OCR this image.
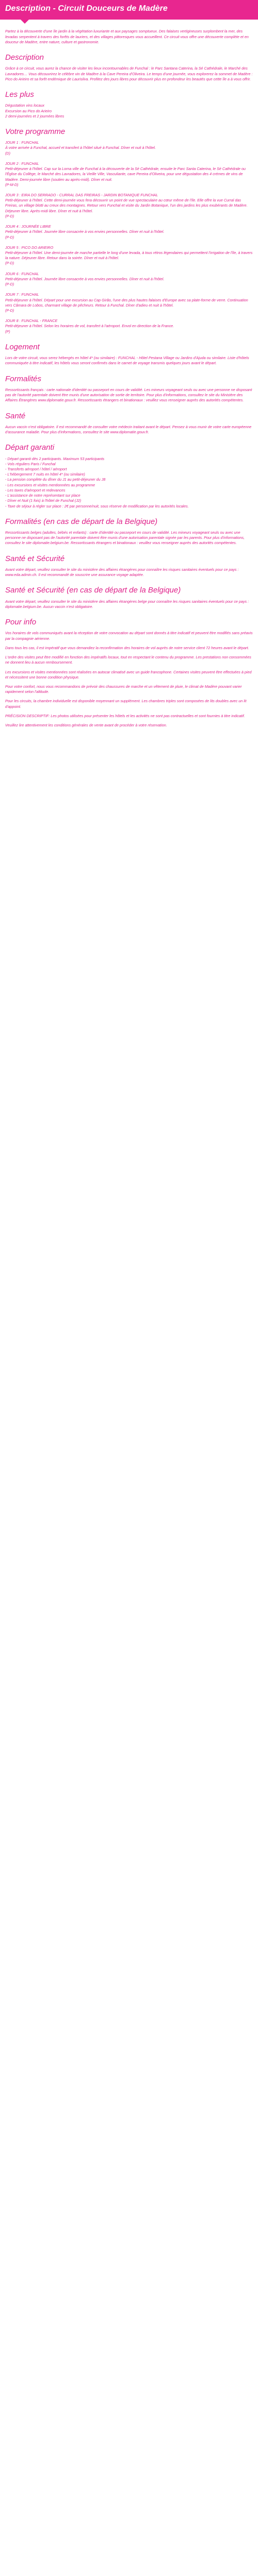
Description - Circuit Douceurs de Madère

Partez à la découverte d'une île jardin à la végétation luxuriante et aux paysages somptueux. Des falaises vertigineuses surplombent la mer, des levadas serpentent à travers des forêts de lauriers, et des villages pittoresques vous accueillent. Ce circuit vous offre une découverte complète et en douceur de Madère, entre nature, culture et gastronomie.

Description

Grâce à ce circuit, vous aurez la chance de visiter les lieux incontournables de Funchal : le Parc Santana Caterina, la Sé Cathédrale, le Marché des Lavradores… Vous découvrirez le célèbre vin de Madère à la Cave Pereira d'Oliveira. Le temps d'une journée, vous explorerez la sommet de Madère : Pico do Arieiro et sa forêt endémique de Laurisilva. Profitez des jours libres pour découvrir plus en profondeur les beautés que cette île a à vous offrir.

Les plus
Dégustation vins locaux
Excursion au Pico do Arieiro
2 demi-journées et 2 journées libres
Votre programme
JOUR 1 : FUNCHAL
À votre arrivée à Funchal, accueil et transfert à l'hôtel situé à Funchal. Dîner et nuit à l'hôtel.
(D)
JOUR 2 : FUNCHAL
Petit-déjeuner à l'hôtel. Cap sur la Lorna ville de Funchal à la découverte de la Sé Cathédrale, ensuite le Parc Santa Caterina, le Sé Cathédrale ou l'Église du Collège, le Marché des Lavradores, la Vieille Ville, Vasculiante, cave Pereira d'Oliveira, pour une dégustation des 4 crémes de vins de Madère. Demi-journée libre (soutien au après-midi). Dîner et nuit.
(P-M-D)
JOUR 3 : EIRA DO SERRADO - CURRAL DAS FREIRAS - JARDIN BOTANIQUE FUNCHAL
Petit-déjeuner à l'hôtel. Cette demi-journée vous fera découvrir un point de vue spectaculaire au cœur même de l'île. Elle offre la vue Curral das Freiras, un village blotti au creux des montagnes. Retour vers Funchal et visite du Jardin Botanique, l'un des jardins les plus exubérants de Madère. Déjeuner libre. Après-midi libre. Dîner et nuit à l'hôtel.
(P-D)
JOUR 4 : JOURNÉE LIBRE
Petit-déjeuner à l'hôtel. Journée libre consacrée à vos envies personnelles. Dîner et nuit à l'hôtel.
(P-D)
JOUR 5 : PICO DO ARIEIRO
Petit-déjeuner à l'hôtel. Une demi-journée de marche partielle le long d'une levada, à tous rétros légendaires qui permettent l'irrigation de l'île, à travers la nature. Déjeuner libre. Retour dans la soirée. Dîner et nuit à l'hôtel.
(P-D)
JOUR 6 : FUNCHAL
Petit-déjeuner à l'hôtel. Journée libre consacrée à vos envies personnelles. Dîner et nuit à l'hôtel.
(P-D)
JOUR 7 : FUNCHAL
Petit-déjeuner à l'hôtel. Départ pour une excursion au Cap Girão, l'une des plus hautes falaises d'Europe avec sa plate-forme de verre. Continuation vers Câmara de Lobos, charmant village de pêcheurs. Retour à Funchal. Dîner d'adieu et nuit à l'hôtel.
(P-D)
JOUR 8 : FUNCHAL - FRANCE
Petit-déjeuner à l'hôtel. Selon les horaires de vol, transfert à l'aéroport. Envol en direction de la France.
(P)
Logement

Lors de votre circuit, vous serez hébergés en hôtel 4* (ou similaire) : FUNCHAL - Hôtel Pestana Village ou Jardins d'Ajuda ou similaire. Liste d'hôtels communiquée à titre indicatif, les hôtels vous seront confirmés dans le carnet de voyage transmis quelques jours avant le départ.

Formalités

Ressortissants français : carte nationale d'identité ou passeport en cours de validité. Les mineurs voyageant seuls ou avec une personne ne disposant pas de l'autorité parentale doivent être munis d'une autorisation de sortie de territoire. Pour plus d'informations, consultez le site du Ministère des Affaires Étrangères www.diplomatie.gouv.fr. Ressortissants étrangers et binationaux : veuillez vous renseigner auprès des autorités compétentes.

Santé

Aucun vaccin n'est obligatoire. Il est recommandé de consulter votre médecin traitant avant le départ. Pensez à vous munir de votre carte européenne d'assurance maladie. Pour plus d'informations, consultez le site www.diplomatie.gouv.fr.

Départ garanti
- Départ garanti dès 2 participants. Maximum 53 participants
- Vols réguliers Paris / Funchal
- Transferts aéroport / hôtel / aéroport
- L'hébergement 7 nuits en hôtel 4* (ou similaire)
- La pension complète du dîner du J1 au petit-déjeuner du J8
- Les excursions et visites mentionnées au programme
- Les taxes d'aéroport et redevances
- L'assistance de notre représentant sur place
- Dîner et Nuit (1 fois) à l'hôtel de Funchal (J2)
- Taxe de séjour à régler sur place : 2€ par personne/nuit, sous réserve de modification par les autorités locales.
Formalités (en cas de départ de la Belgique)

Ressortissants belges (adultes, bébés et enfants) : carte d'identité ou passeport en cours de validité. Les mineurs voyageant seuls ou avec une personne ne disposant pas de l'autorité parentale doivent être munis d'une autorisation parentale signée par les parents. Pour plus d'informations, consultez le site diplomatie.belgium.be. Ressortissants étrangers et binationaux : veuillez vous renseigner auprès des autorités compétentes.

Santé et Sécurité

Avant votre départ, veuillez consulter le site du ministère des affaires étrangères pour connaître les risques sanitaires éventuels pour ce pays : www.eda.admin.ch. Il est recommandé de souscrire une assurance voyage adaptée.

Santé et Sécurité (en cas de départ de la Belgique)

Avant votre départ, veuillez consulter le site du ministère des affaires étrangères belge pour connaître les risques sanitaires éventuels pour ce pays : diplomatie.belgium.be. Aucun vaccin n'est obligatoire.

Pour info

Vos horaires de vols communiqués avant la réception de votre convocation au départ sont donnés à titre indicatif et peuvent être modifiés sans préavis par la compagnie aérienne.

Dans tous les cas, il est impératif que vous demandiez la reconfirmation des horaires de vol auprès de notre service client 72 heures avant le départ.

L'ordre des visites peut être modifié en fonction des impératifs locaux, tout en respectant le contenu du programme. Les prestations non consommées ne donnent lieu à aucun remboursement.

Les excursions et visites mentionnées sont réalisées en autocar climatisé avec un guide francophone. Certaines visites peuvent être effectuées à pied et nécessitent une bonne condition physique.

Pour votre confort, nous vous recommandons de prévoir des chaussures de marche et un vêtement de pluie, le climat de Madère pouvant varier rapidement selon l'altitude.

Pour les circuits, la chambre individuelle est disponible moyennant un supplément. Les chambres triples sont composées de lits doubles avec un lit d'appoint.

PRÉCISION DESCRIPTIF: Les photos utilisées pour présenter les hôtels et les activités ne sont pas contractuelles et sont fournies à titre indicatif.

Veuillez lire attentivement les conditions générales de vente avant de procéder à votre réservation.
